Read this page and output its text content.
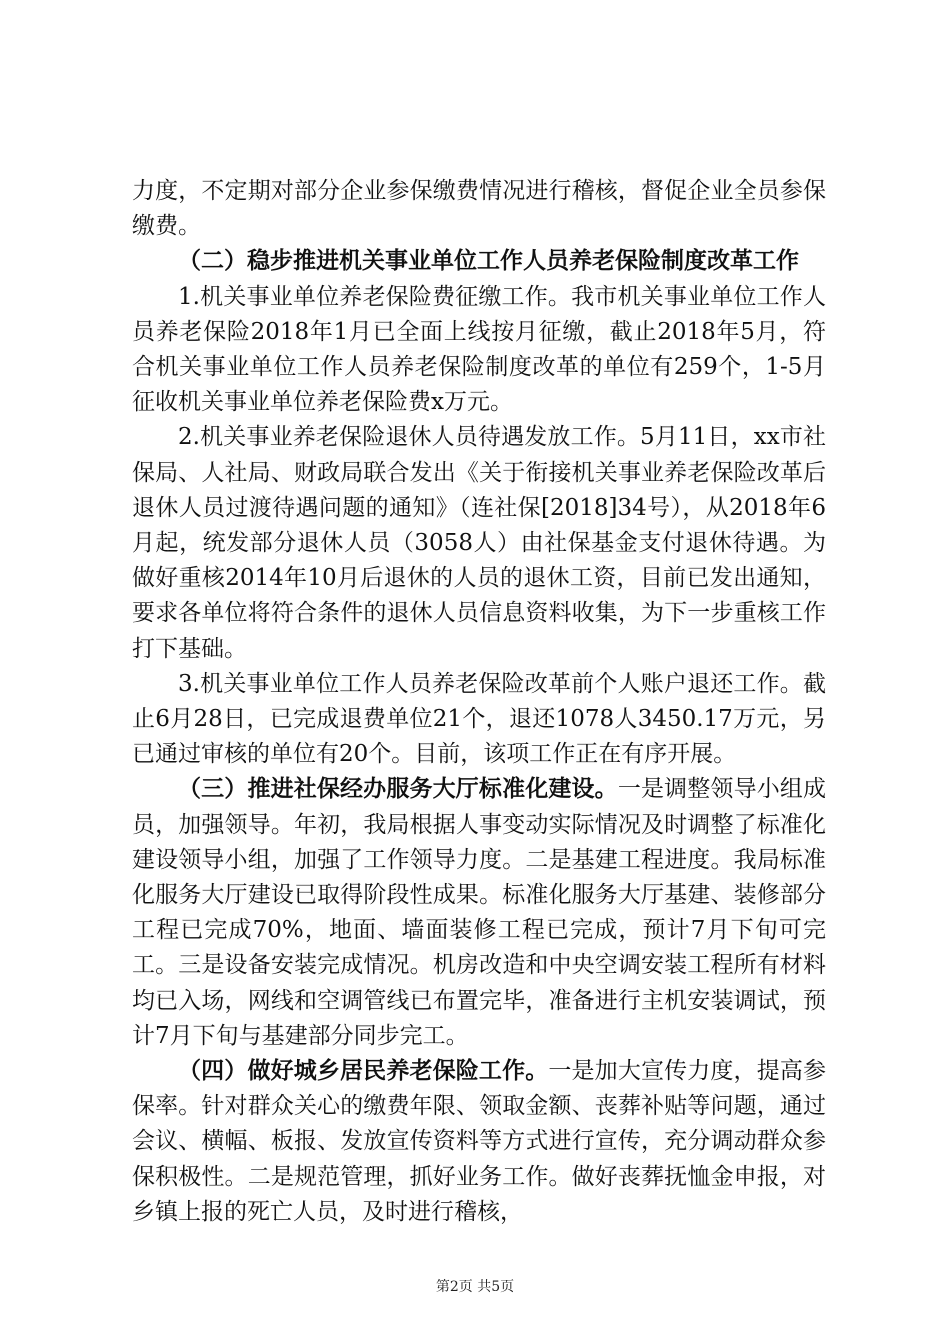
力度，不定期对部分企业参保缴费情况进行稽核，督促企业全员参保缴费。

（二）稳步推进机关事业单位工作人员养老保险制度改革工作

1.机关事业单位养老保险费征缴工作。我市机关事业单位工作人员养老保险2018年1月已全面上线按月征缴，截止2018年5月，符合机关事业单位工作人员养老保险制度改革的单位有259个，1-5月征收机关事业单位养老保险费x万元。

2.机关事业养老保险退休人员待遇发放工作。5月11日，xx市社保局、人社局、财政局联合发出《关于衔接机关事业养老保险改革后退休人员过渡待遇问题的通知》（连社保[2018]34号），从2018年6月起，统发部分退休人员（3058人）由社保基金支付退休待遇。为做好重核2014年10月后退休的人员的退休工资，目前已发出通知，要求各单位将符合条件的退休人员信息资料收集，为下一步重核工作打下基础。

3.机关事业单位工作人员养老保险改革前个人账户退还工作。截止6月28日，已完成退费单位21个，退还1078人3450.17万元，另已通过审核的单位有20个。目前，该项工作正在有序开展。

（三）推进社保经办服务大厅标准化建设。一是调整领导小组成员，加强领导。年初，我局根据人事变动实际情况及时调整了标准化建设领导小组，加强了工作领导力度。二是基建工程进度。我局标准化服务大厅建设已取得阶段性成果。标准化服务大厅基建、装修部分工程已完成70%，地面、墙面装修工程已完成，预计7月下旬可完工。三是设备安装完成情况。机房改造和中央空调安装工程所有材料均已入场，网线和空调管线已布置完毕，准备进行主机安装调试，预计7月下旬与基建部分同步完工。

（四）做好城乡居民养老保险工作。一是加大宣传力度，提高参保率。针对群众关心的缴费年限、领取金额、丧葬补贴等问题，通过会议、横幅、板报、发放宣传资料等方式进行宣传，充分调动群众参保积极性。二是规范管理，抓好业务工作。做好丧葬抚恤金申报，对乡镇上报的死亡人员，及时进行稽核，

第2页 共5页
